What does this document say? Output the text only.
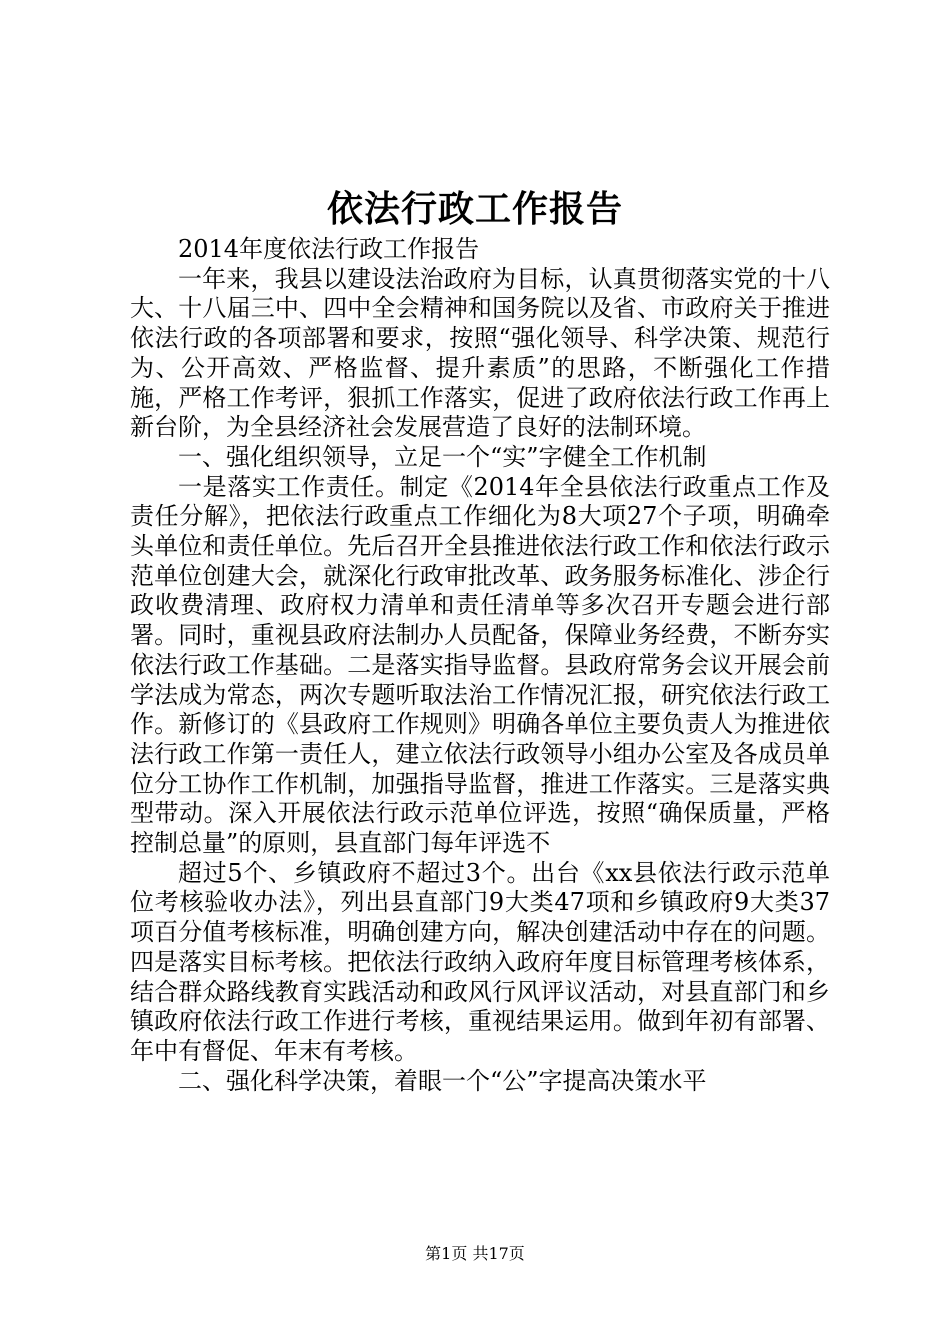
依法行政工作报告

2014年度依法行政工作报告

一年来，我县以建设法治政府为目标，认真贯彻落实党的十八大、十八届三中、四中全会精神和国务院以及省、市政府关于推进依法行政的各项部署和要求，按照“强化领导、科学决策、规范行为、公开高效、严格监督、提升素质”的思路，不断强化工作措施，严格工作考评，狠抓工作落实，促进了政府依法行政工作再上新台阶，为全县经济社会发展营造了良好的法制环境。

一、强化组织领导，立足一个“实”字健全工作机制

一是落实工作责任。制定《2014年全县依法行政重点工作及责任分解》，把依法行政重点工作细化为8大项27个子项，明确牵头单位和责任单位。先后召开全县推进依法行政工作和依法行政示范单位创建大会，就深化行政审批改革、政务服务标准化、涉企行政收费清理、政府权力清单和责任清单等多次召开专题会进行部署。同时，重视县政府法制办人员配备，保障业务经费，不断夯实依法行政工作基础。二是落实指导监督。县政府常务会议开展会前学法成为常态，两次专题听取法治工作情况汇报，研究依法行政工作。新修订的《县政府工作规则》明确各单位主要负责人为推进依法行政工作第一责任人，建立依法行政领导小组办公室及各成员单位分工协作工作机制，加强指导监督，推进工作落实。三是落实典型带动。深入开展依法行政示范单位评选，按照“确保质量，严格控制总量”的原则，县直部门每年评选不

超过5个、乡镇政府不超过3个。出台《xx县依法行政示范单位考核验收办法》，列出县直部门9大类47项和乡镇政府9大类37项百分值考核标准，明确创建方向，解决创建活动中存在的问题。四是落实目标考核。把依法行政纳入政府年度目标管理考核体系，结合群众路线教育实践活动和政风行风评议活动，对县直部门和乡镇政府依法行政工作进行考核，重视结果运用。做到年初有部署、年中有督促、年末有考核。

二、强化科学决策，着眼一个“公”字提高决策水平

第1页 共17页
